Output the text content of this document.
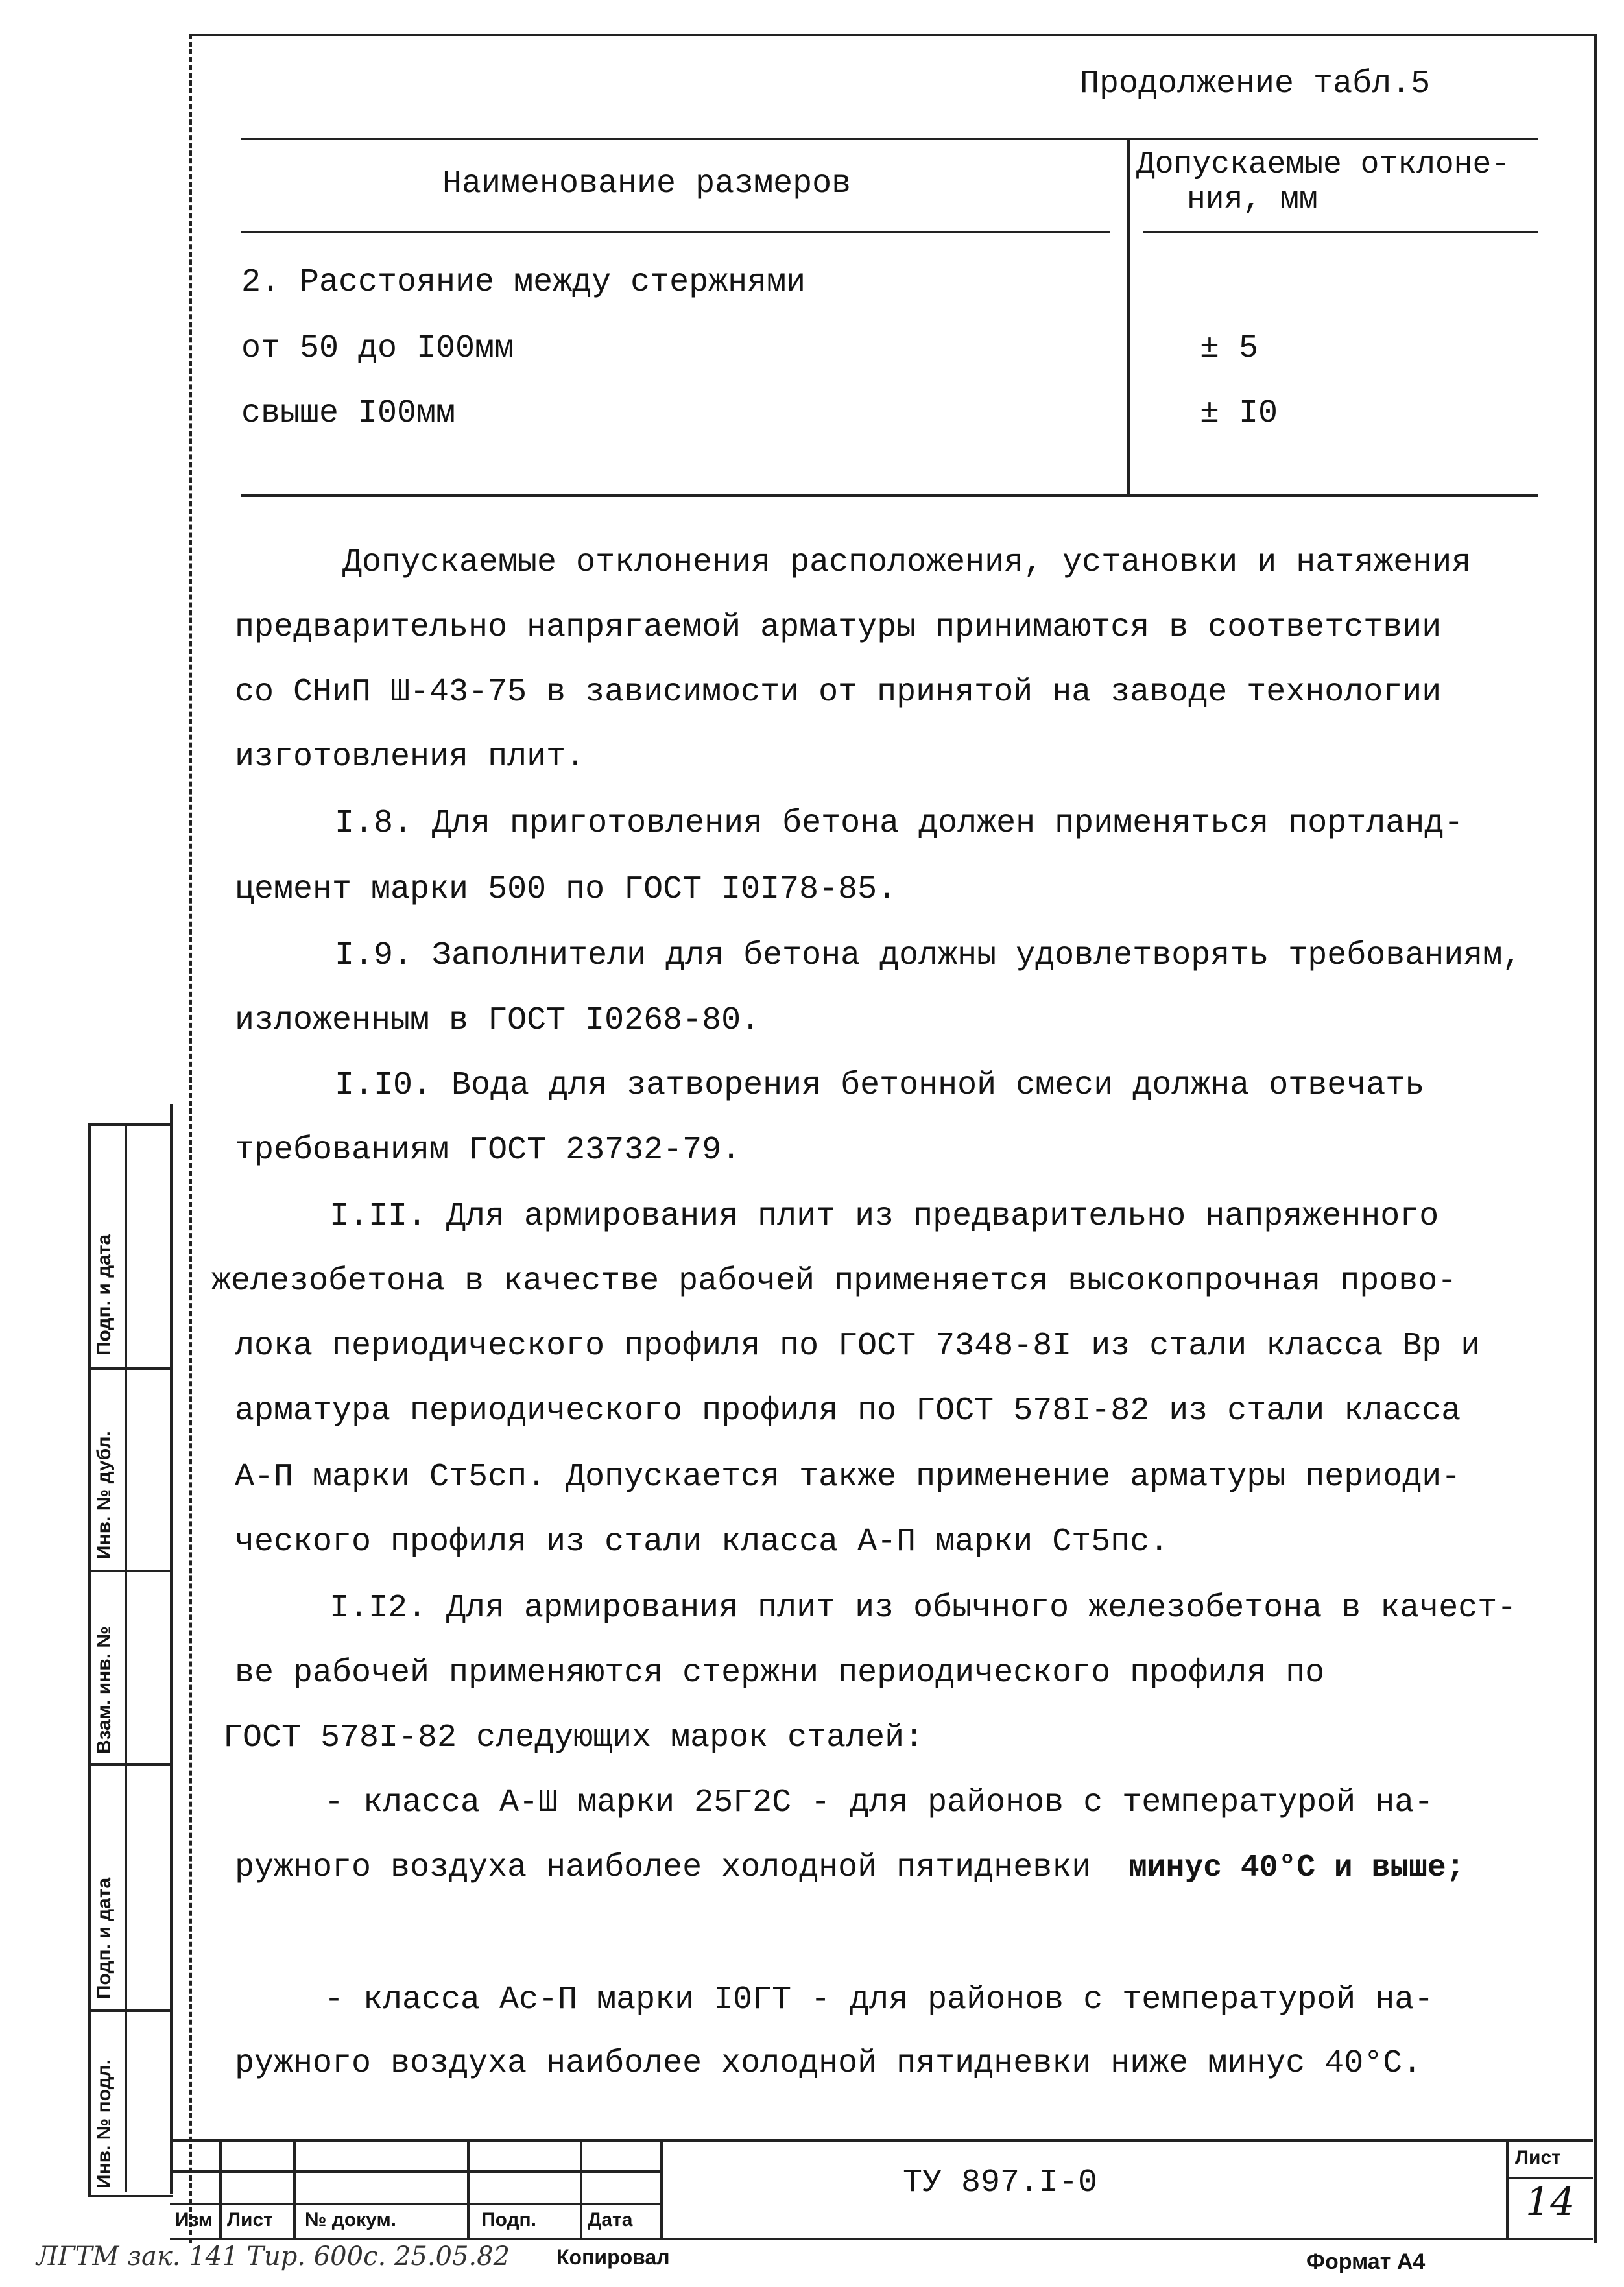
Продолжение табл.5
Наименование размеров
Допускаемые отклоне-
ния, мм
2. Расстояние между стержнями
от 50 до I00мм	± 5
свыше I00мм	± I0
Допускаемые отклонения расположения, установки и натяжения
предварительно напрягаемой арматуры принимаются в соответствии
со СНиП Ш-43-75 в зависимости от принятой на заводе технологии
изготовления плит.
I.8. Для приготовления бетона должен применяться портланд-
цемент марки 500 по ГОСТ I0I78-85.
I.9. Заполнители для бетона должны удовлетворять требованиям,
изложенным в ГОСТ I0268-80.
I.I0. Вода для затворения бетонной смеси должна отвечать
требованиям ГОСТ 23732-79.
I.II. Для армирования плит из предварительно напряженного
железобетона в качестве рабочей применяется высокопрочная прово-
лока периодического профиля по ГОСТ 7348-8I из стали класса Вр и
арматура периодического профиля по ГОСТ 578I-82 из стали класса
А-П марки Ст5сп. Допускается также применение арматуры периоди-
ческого профиля из стали класса А-П марки Ст5пс.
I.I2. Для армирования плит из обычного железобетона в качест-
ве рабочей применяются стержни периодического профиля по
ГОСТ 578I-82 следующих марок сталей:
- класса А-Ш марки 25Г2С - для районов с температурой на-
ружного воздуха наиболее холодной пятидневки минус 40°С и выше;
- класса Ас-П марки I0ГТ - для районов с температурой на-
ружного воздуха наиболее холодной пятидневки ниже минус 40°С.
Подп. и дата
Инв. № дубл.
Взам. инв. №
Подп. и дата
Инв. № подл.
Изм Лист № докум.	Подп.	Дата
ТУ 897.I-0
Лист
14
ЛГТМ зак. 141 Тир. 600с. 25.05.82 Копировал	Формат А4
